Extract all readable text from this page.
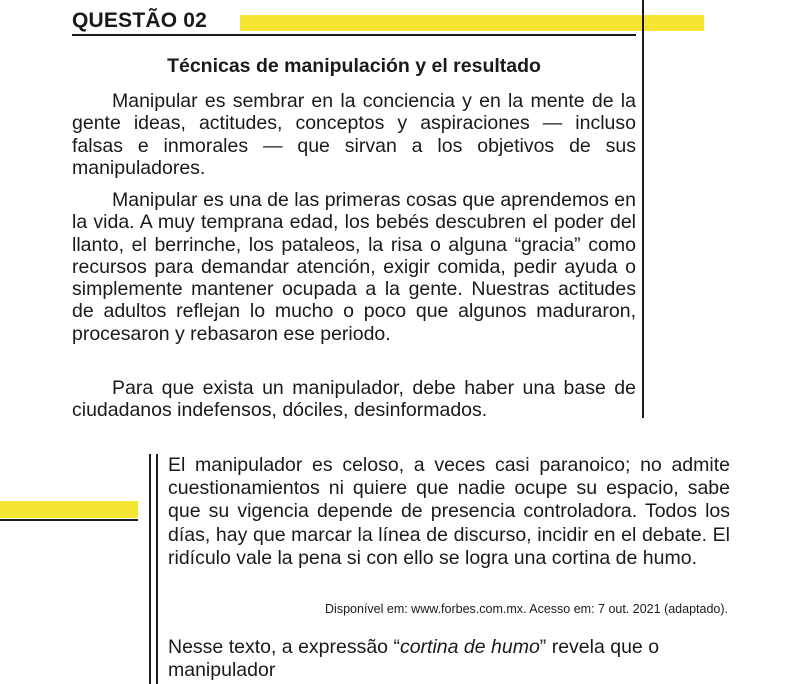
QUESTÃO 02
Técnicas de manipulación y el resultado

Manipular es sembrar en la conciencia y en la mente de la gente ideas, actitudes, conceptos y aspiraciones — incluso falsas e inmorales — que sirvan a los objetivos de sus manipuladores.

Manipular es una de las primeras cosas que aprendemos en la vida. A muy temprana edad, los bebés descubren el poder del llanto, el berrinche, los pataleos, la risa o alguna “gracia” como recursos para demandar atención, exigir comida, pedir ayuda o simplemente mantener ocupada a la gente. Nuestras actitudes de adultos reflejan lo mucho o poco que algunos maduraron, procesaron y rebasaron ese periodo.

Para que exista un manipulador, debe haber una base de ciudadanos indefensos, dóciles, desinformados.

El manipulador es celoso, a veces casi paranoico; no admite cuestionamientos ni quiere que nadie ocupe su espacio, sabe que su vigencia depende de presencia controladora. Todos los días, hay que marcar la línea de discurso, incidir en el debate. El ridículo vale la pena si con ello se logra una cortina de humo.

Disponível em: www.forbes.com.mx. Acesso em: 7 out. 2021 (adaptado).

Nesse texto, a expressão “cortina de humo” revela que o manipulador
